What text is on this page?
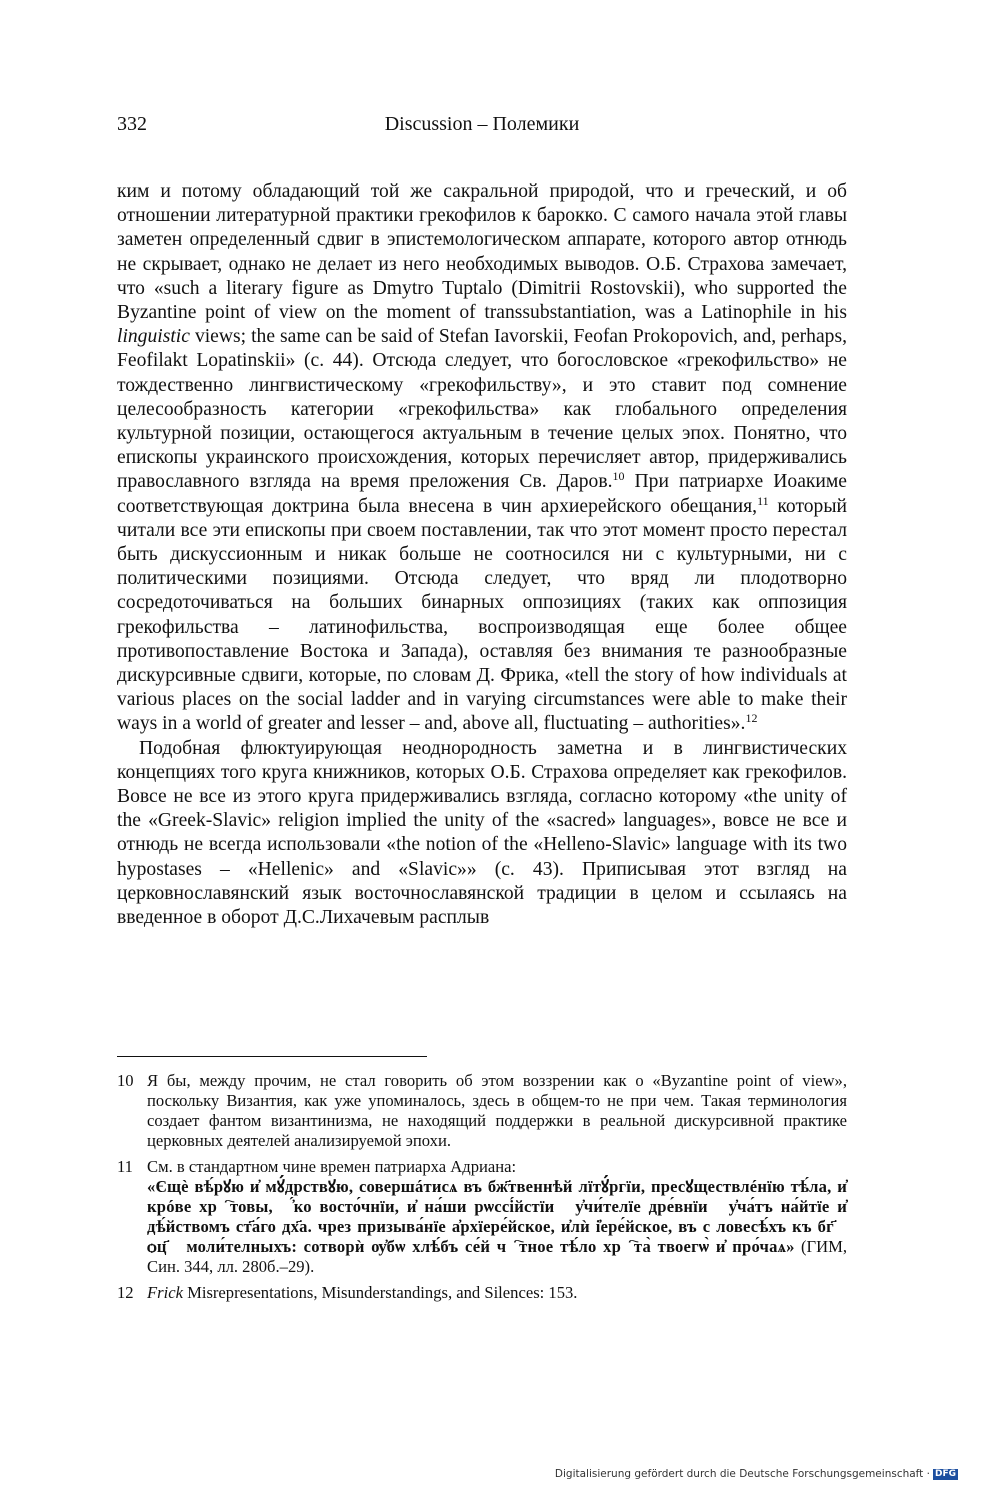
332	Discussion – Полемики

ким и потому обладающий той же сакральной природой, что и греческий, и об отношении литературной практики грекофилов к барокко. С самого начала этой главы заметен определенный сдвиг в эпистемологическом аппарате, которого автор отнюдь не скрывает, однако не делает из него необходимых выводов. О.Б. Страхова замечает, что «such a literary figure as Dmytro Tuptalo (Dimitrii Rostovskii), who supported the Byzantine point of view on the moment of transsubstantiation, was a Latinophile in his linguistic views; the same can be said of Stefan Iavorskii, Feofan Prokopovich, and, perhaps, Feofilakt Lopatinskii» (c. 44). Отсюда следует, что богословское «грекофильство» не тождественно лингвистическому «грекофильству», и это ставит под сомнение целесообразность категории «грекофильства» как глобального определения культурной позиции, остающегося актуальным в течение целых эпох. Понятно, что епископы украинского происхождения, которых перечисляет автор, придерживались православного взгляда на время преложения Св. Даров.$^{10}$ При патриархе Иоакиме соответствующая доктрина была внесена в чин архиерейского обещания,$^{11}$ который читали все эти епископы при своем поставлении, так что этот момент просто перестал быть дискуссионным и никак больше не соотносился ни с культурными, ни с политическими позициями. Отсюда следует, что вряд ли плодотворно сосредоточиваться на больших бинарных оппозициях (таких как оппозиция грекофильства – латинофильства, воспроизводящая еще более общее противопоставление Востока и Запада), оставляя без внимания те разнообразные дискурсивные сдвиги, которые, по словам Д. Фрика, «tell the story of how individuals at various places on the social ladder and in varying circumstances were able to make their ways in a world of greater and lesser – and, above all, fluctuating – authorities».$^{12}$

Подобная флюктуирующая неоднородность заметна и в лингвистических концепциях того круга книжников, которых О.Б. Страхова определяет как грекофилов. Вовсе не все из этого круга придерживались взгляда, согласно которому «the unity of the «Greek-Slavic» religion implied the unity of the «sacred» languages», вовсе не все и отнюдь не всегда использовали «the notion of the «Helleno-Slavic» language with its two hypostases – «Hellenic» and «Slavic»» (c. 43). Приписывая этот взгляд на церковнославянский язык восточнославянской традиции в целом и ссылаясь на введенное в оборот Д.С.Лихачевым расплыв

10 Я бы, между прочим, не стал говорить об этом воззрении как о «Byzantine point of view», поскольку Византия, как уже упоминалось, здесь в общем-то не при чем. Такая терминология создает фантом византинизма, не находящий поддержки в реальной дискурсивной практике церковных деятелей анализируемой эпохи.
11 См. в стандартном чине времен патриарха Адриана:
«Єщѐ вѣ́рꙋю и҆ мꙋ́дрствꙋю, совершáтисѧ въ бж҃твеннѣй лїтꙋ́ргїи, пресꙋществлéнїю тѣ́ла, и҆ крóве хрⷭ҇товы, ꙗ҆́ко восто́чнїи, и҆ на́ши рѡссі́йстїи ᲂу҆чи́телїе дре́внїи ᲂу҆ча́тъ на́йтїе и҆ дѣ́йствомъ ст҃а́го дх҃а. чрез призыва́нїе а҆рхїере́йское, и҆лѝ і҆ере́йское, въ с ловесѣ́хъ къ бг҃ꙋ ѻц҃ꙋ моли́телныхъ: сотворѝ ѹ҆бѡ хлѣ́бъ се́й чⷭ҇тное тѣ́ло хрⷭ҇та̀ твоегѡ̀ и҆ про́чаѧ» (ГИМ, Син. 344, лл. 280б.–29).
12 Frick Misrepresentations, Misunderstandings, and Silences: 153.
Digitalisierung gefördert durch die Deutsche Forschungsgemeinschaft · DFG
